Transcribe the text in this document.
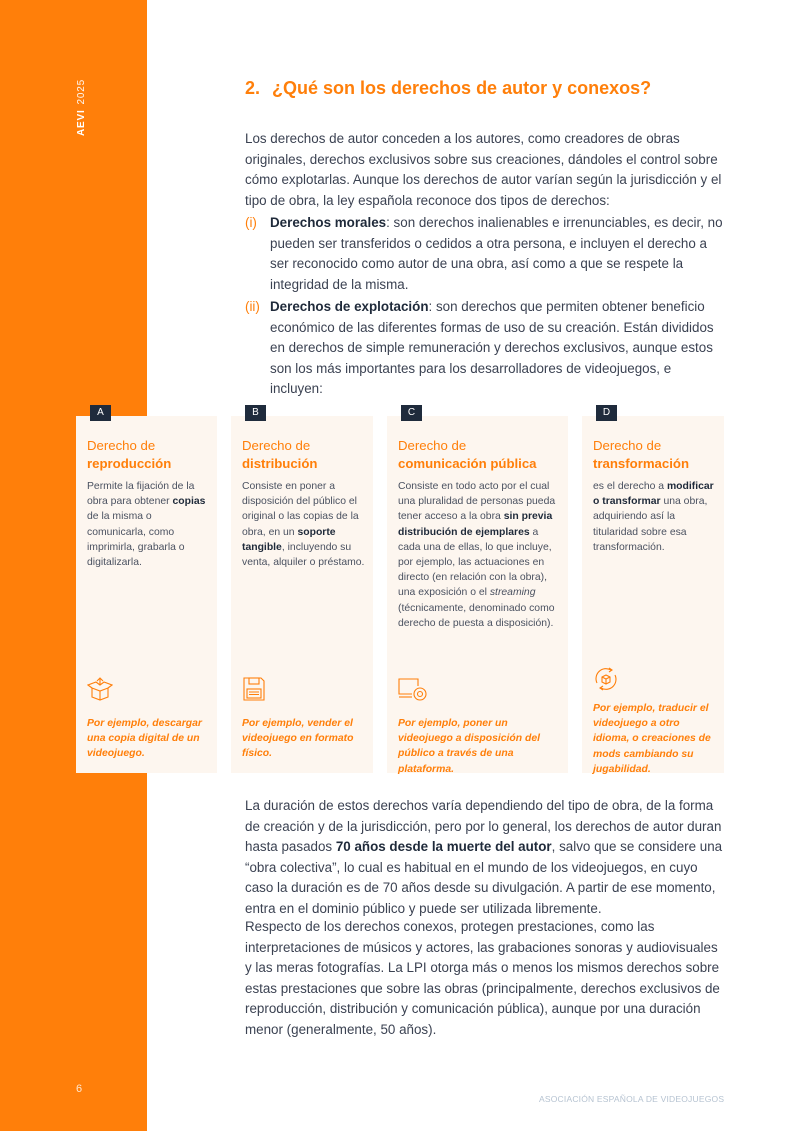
AEVI2025
6
ASOCIACIÓN ESPAÑOLA DE VIDEOJUEGOS
2. ¿Qué son los derechos de autor y conexos?

Los derechos de autor conceden a los autores, como creadores de obras originales, derechos exclusivos sobre sus creaciones, dándoles el control sobre cómo explotarlas. Aunque los derechos de autor varían según la jurisdicción y el tipo de obra, la ley española reconoce dos tipos de derechos:

(i) Derechos morales: son derechos inalienables e irrenunciables, es decir, no pueden ser transferidos o cedidos a otra persona, e incluyen el derecho a ser reconocido como autor de una obra, así como a que se respete la integridad de la misma.
(ii) Derechos de explotación: son derechos que permiten obtener beneficio económico de las diferentes formas de uso de su creación. Están divididos en derechos de simple remuneración y derechos exclusivos, aunque estos son los más importantes para los desarrolladores de videojuegos, e incluyen:
A
Derecho de
reproducción

Permite la fijación de la obra para obtener copias de la misma o comunicarla, como imprimirla, grabarla o digitalizarla.

Por ejemplo, descargar una copia digital de un videojuego.

B
Derecho de
distribución

Consiste en poner a disposición del público el original o las copias de la obra, en un soporte tangible, incluyendo su venta, alquiler o préstamo.

Por ejemplo, vender el videojuego en formato físico.

C
Derecho de
comunicación pública

Consiste en todo acto por el cual una pluralidad de personas pueda tener acceso a la obra sin previa distribución de ejemplares a cada una de ellas, lo que incluye, por ejemplo, las actuaciones en directo (en relación con la obra), una exposición o el streaming (técnicamente, denominado como derecho de puesta a disposición).

Por ejemplo, poner un videojuego a disposición del público a través de una plataforma.

D
Derecho de
transformación

es el derecho a modificar o transformar una obra, adquiriendo así la titularidad sobre esa transformación.

Por ejemplo, traducir el videojuego a otro idioma, o creaciones de mods cambiando su jugabilidad.

La duración de estos derechos varía dependiendo del tipo de obra, de la forma de creación y de la jurisdicción, pero por lo general, los derechos de autor duran hasta pasados 70 años desde la muerte del autor, salvo que se considere una “obra colectiva”, lo cual es habitual en el mundo de los videojuegos, en cuyo caso la duración es de 70 años desde su divulgación. A partir de ese momento, entra en el dominio público y puede ser utilizada libremente.

Respecto de los derechos conexos, protegen prestaciones, como las interpretaciones de músicos y actores, las grabaciones sonoras y audiovisuales y las meras fotografías. La LPI otorga más o menos los mismos derechos sobre estas prestaciones que sobre las obras (principalmente, derechos exclusivos de reproducción, distribución y comunicación pública), aunque por una duración menor (generalmente, 50 años).
